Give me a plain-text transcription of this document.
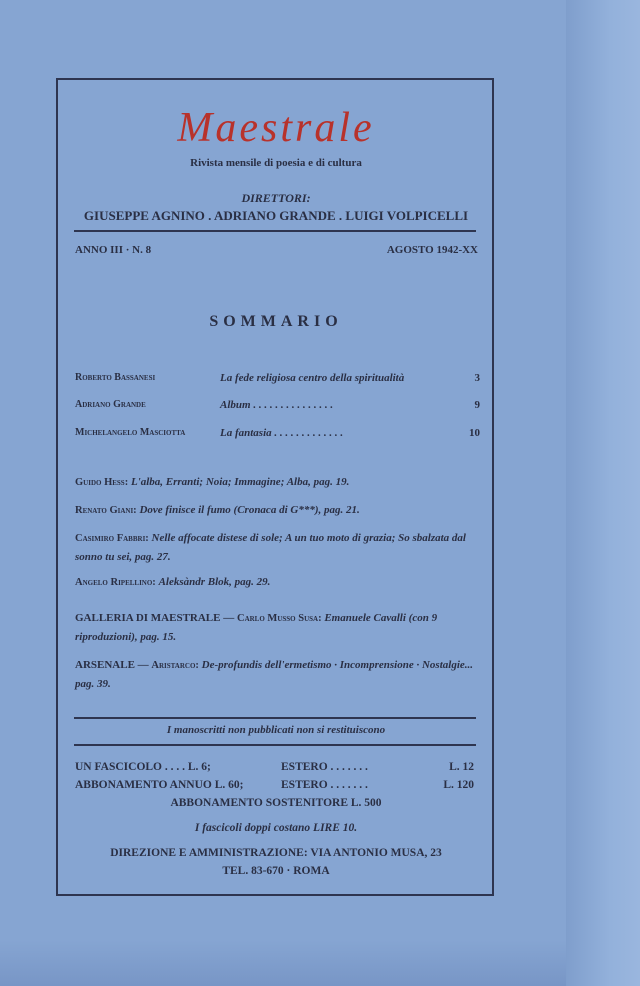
Maestrale
Rivista mensile di poesia e di cultura
DIRETTORI:
GIUSEPPE AGNINO . ADRIANO GRANDE . LUIGI VOLPICELLI
ANNO III · N. 8	AGOSTO 1942-XX
SOMMARIO
Roberto Bassanesi	La fede religiosa centro della spiritualità	3
Adriano Grande	Album . . . . . . . . . . . . . . .	9
Michelangelo Masciotta	La fantasia . . . . . . . . . . . . .	10
Guido Hess: L'alba, Erranti; Noia; Immagine; Alba, pag. 19.
Renato Giani: Dove finisce il fumo (Cronaca di G***), pag. 21.
Casimiro Fabbri: Nelle affocate distese di sole; A un tuo moto di grazia; So sbalzata dal sonno tu sei, pag. 27.
Angelo Ripellino: Aleksàndr Blok, pag. 29.
GALLERIA DI MAESTRALE — Carlo Musso Susa: Emanuele Cavalli (con 9 riproduzioni), pag. 15.
ARSENALE — Aristarco: De-profundis dell'ermetismo · Incomprensione · Nostalgie... pag. 39.
I manoscritti non pubblicati non si restituiscono
UN FASCICOLO . . . . L. 6;	ESTERO . . . . . . .	L. 12
ABBONAMENTO ANNUO L. 60;	ESTERO . . . . . . .	L. 120
ABBONAMENTO SOSTENITORE L. 500
I fascicoli doppi costano LIRE 10.
DIREZIONE E AMMINISTRAZIONE: VIA ANTONIO MUSA, 23
TEL. 83-670 · ROMA
